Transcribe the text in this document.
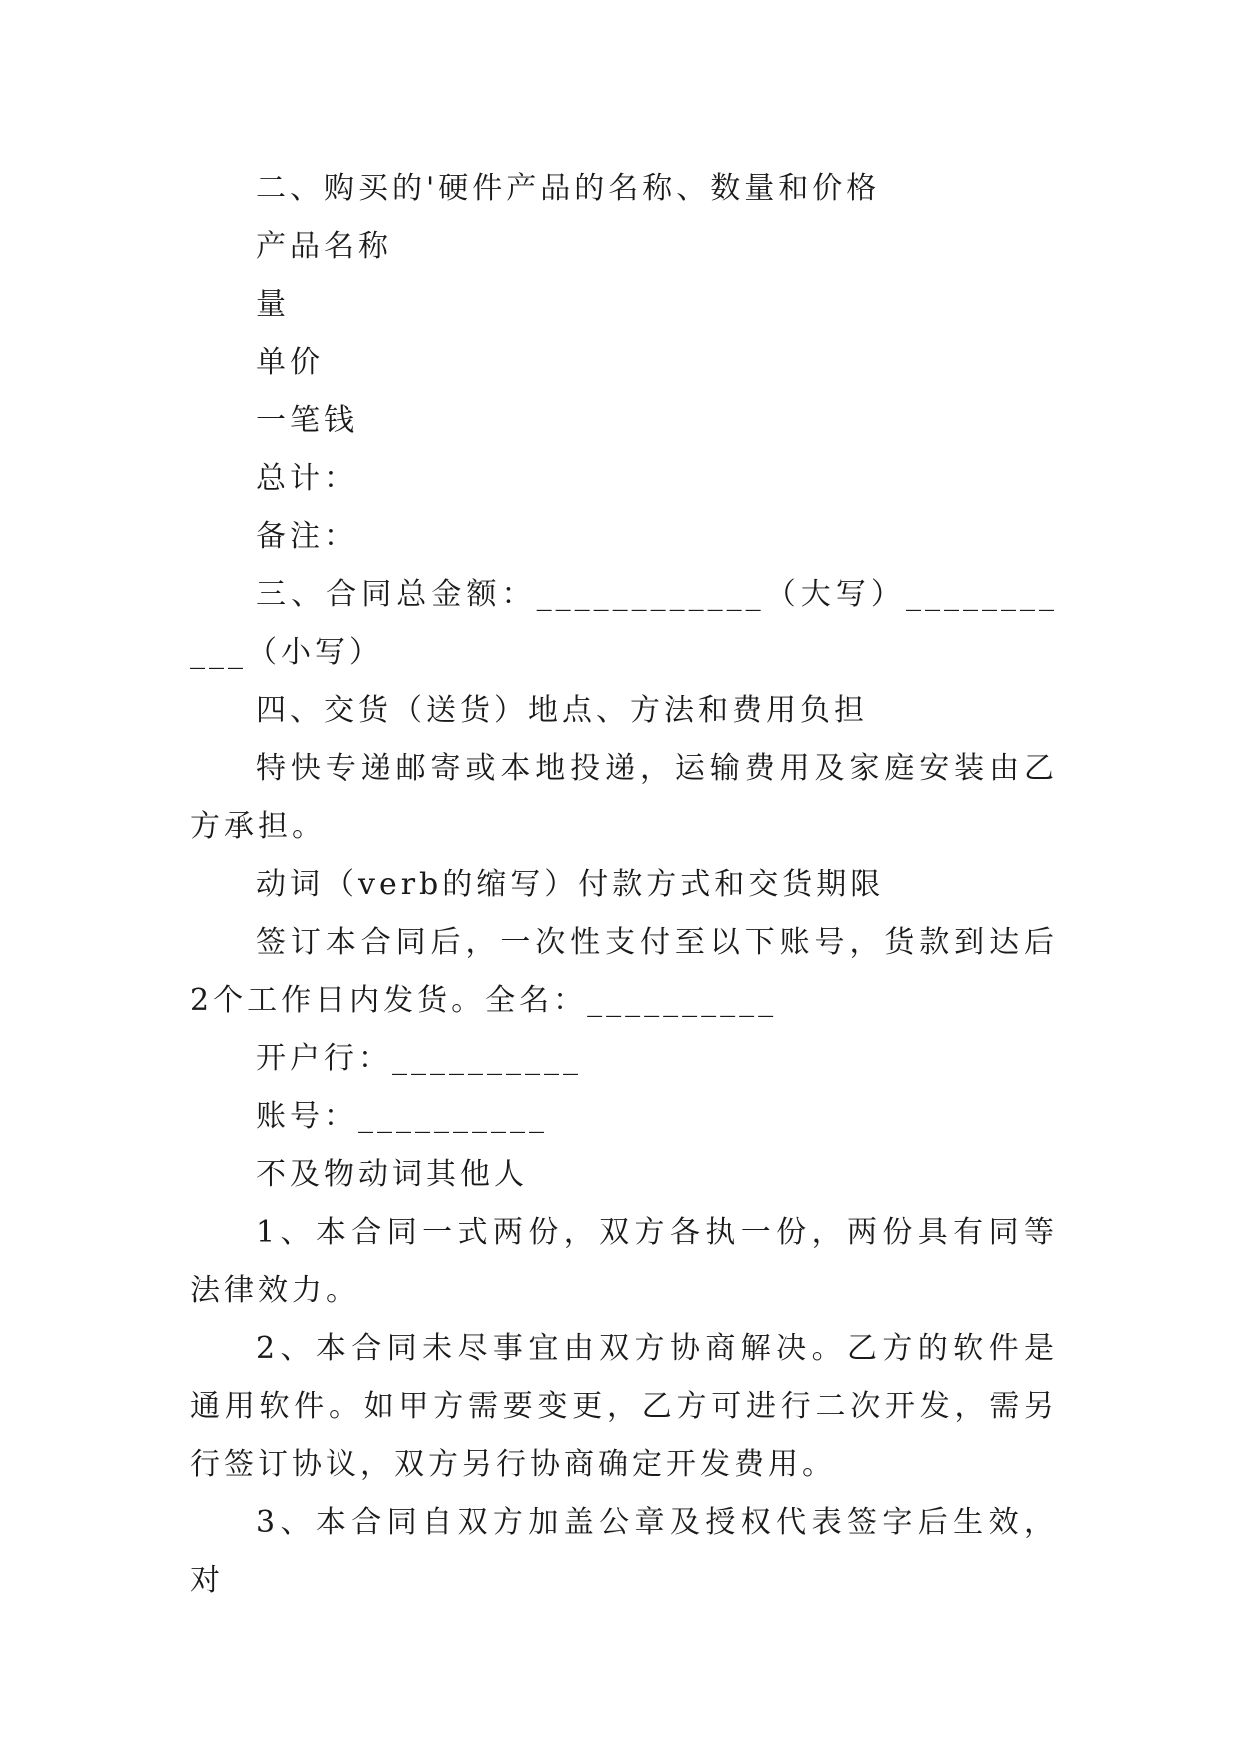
二、购买的'硬件产品的名称、数量和价格

产品名称

量

单价

一笔钱

总计：

备注：

三、合同总金额：____________（大写）___________（小写）

四、交货（送货）地点、方法和费用负担

特快专递邮寄或本地投递，运输费用及家庭安装由乙方承担。

动词（verb的缩写）付款方式和交货期限

签订本合同后，一次性支付至以下账号，货款到达后2个工作日内发货。全名：__________

开户行：__________

账号：__________

不及物动词其他人

1、本合同一式两份，双方各执一份，两份具有同等法律效力。

2、本合同未尽事宜由双方协商解决。乙方的软件是通用软件。如甲方需要变更，乙方可进行二次开发，需另行签订协议，双方另行协商确定开发费用。

3、本合同自双方加盖公章及授权代表签字后生效，对
